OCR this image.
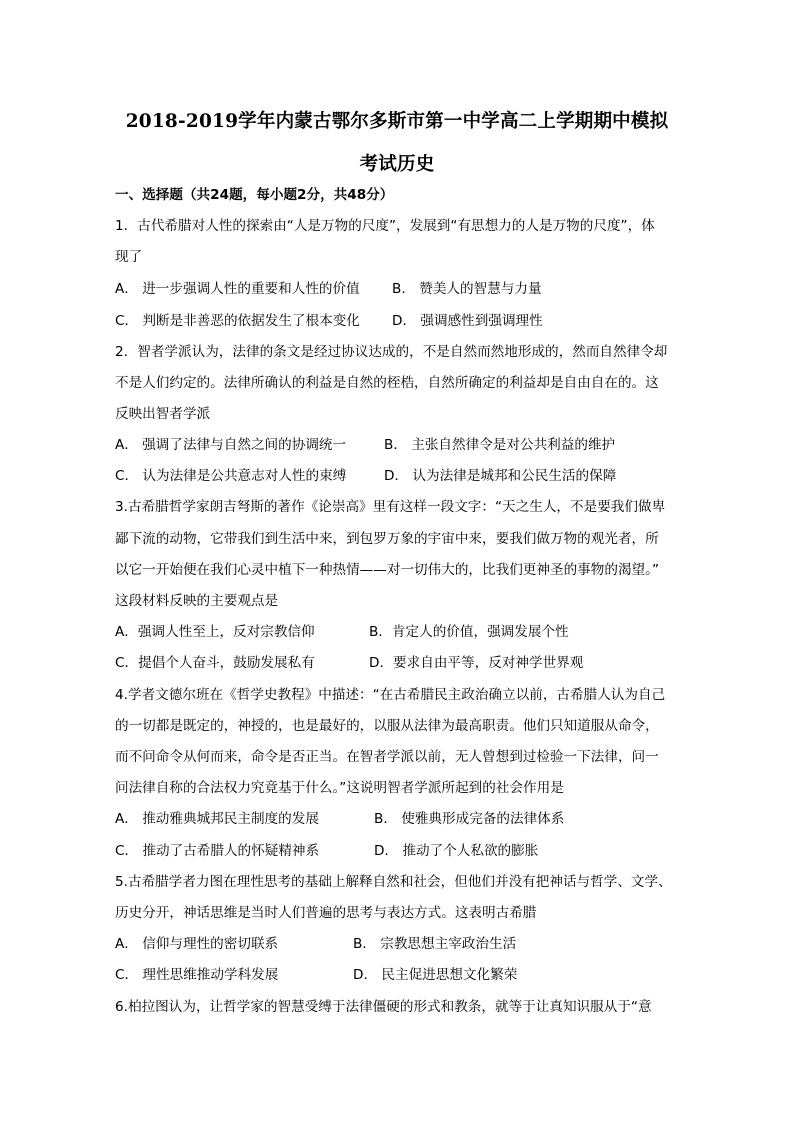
2018-2019学年内蒙古鄂尔多斯市第一中学高二上学期期中模拟
考试历史
一、选择题（共24题，每小题2分，共48分）
1．古代希腊对人性的探索由“人是万物的尺度”，发展到“有思想力的人是万物的尺度”，体
现了
A． 进一步强调人性的重要和人性的价值 B． 赞美人的智慧与力量
C． 判断是非善恶的依据发生了根本变化 D． 强调感性到强调理性
2．智者学派认为，法律的条文是经过协议达成的，不是自然而然地形成的，然而自然律令却
不是人们约定的。法律所确认的利益是自然的桎梏，自然所确定的利益却是自由自在的。这
反映出智者学派
A． 强调了法律与自然之间的协调统一	B． 主张自然律令是对公共利益的维护
C． 认为法律是公共意志对人性的束缚	D． 认为法律是城邦和公民生活的保障
3.古希腊哲学家朗吉弩斯的著作《论崇高》里有这样一段文字：“天之生人，不是要我们做卑
鄙下流的动物，它带我们到生活中来，到包罗万象的宇宙中来，要我们做万物的观光者，所
以它一开始便在我们心灵中植下一种热情——对一切伟大的，比我们更神圣的事物的渴望。”
这段材料反映的主要观点是
A．强调人性至上，反对宗教信仰	B．肯定人的价值，强调发展个性
C．提倡个人奋斗，鼓励发展私有	D．要求自由平等，反对神学世界观
4.学者文德尔班在《哲学史教程》中描述：“在古希腊民主政治确立以前，古希腊人认为自己
的一切都是既定的，神授的，也是最好的，以服从法律为最高职责。他们只知道服从命令，
而不问命令从何而来，命令是否正当。在智者学派以前，无人曾想到过检验一下法律，问一
问法律自称的合法权力究竟基于什么。”这说明智者学派所起到的社会作用是
A． 推动雅典城邦民主制度的发展	B． 使雅典形成完备的法律体系
C． 推动了古希腊人的怀疑精神系	D． 推动了个人私欲的膨胀
5.古希腊学者力图在理性思考的基础上解释自然和社会，但他们并没有把神话与哲学、文学、
历史分开，神话思维是当时人们普遍的思考与表达方式。这表明古希腊
A． 信仰与理性的密切联系	B． 宗教思想主宰政治生活
C． 理性思维推动学科发展	D． 民主促进思想文化繁荣
6.柏拉图认为，让哲学家的智慧受缚于法律僵硬的形式和教条，就等于让真知识服从于“意
